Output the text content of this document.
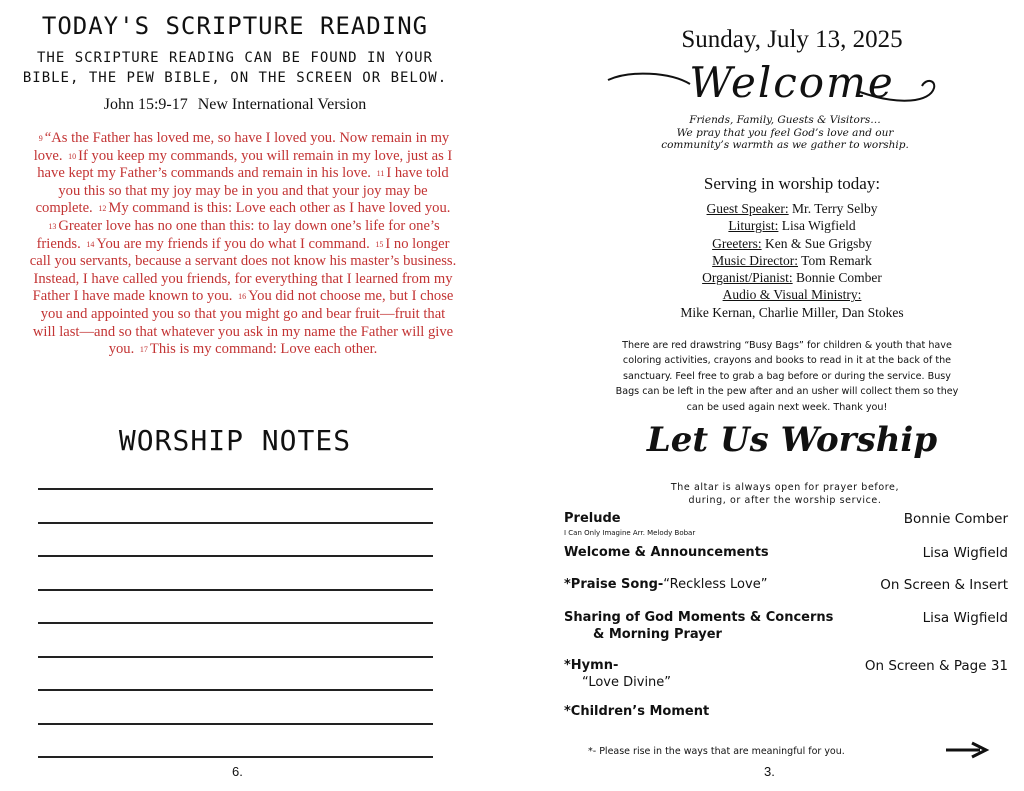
TODAY'S SCRIPTURE READING
THE SCRIPTURE READING CAN BE FOUND IN YOUR
BIBLE, THE PEW BIBLE, ON THE SCREEN OR BELOW.
John 15:9-17 New International Version
9 “As the Father has loved me, so have I loved you. Now remain in my love. 10 If you keep my commands, you will remain in my love, just as I have kept my Father’s commands and remain in his love. 11 I have told you this so that my joy may be in you and that your joy may be complete. 12 My command is this: Love each other as I have loved you. 13 Greater love has no one than this: to lay down one’s life for one’s friends. 14 You are my friends if you do what I command. 15 I no longer call you servants, because a servant does not know his master’s business. Instead, I have called you friends, for everything that I learned from my Father I have made known to you. 16 You did not choose me, but I chose you and appointed you so that you might go and bear fruit—fruit that will last—and so that whatever you ask in my name the Father will give you. 17 This is my command: Love each other.
WORSHIP NOTES
6.
Sunday, July 13, 2025
Welcome
Friends, Family, Guests & Visitors…
We pray that you feel God’s love and our community’s warmth as we gather to worship.
Serving in worship today:
Guest Speaker: Mr. Terry Selby
Liturgist: Lisa Wigfield
Greeters: Ken & Sue Grigsby
Music Director: Tom Remark
Organist/Pianist: Bonnie Comber
Audio & Visual Ministry:
Mike Kernan, Charlie Miller, Dan Stokes
There are red drawstring “Busy Bags” for children & youth that have coloring activities, crayons and books to read in it at the back of the sanctuary. Feel free to grab a bag before or during the service. Busy Bags can be left in the pew after and an usher will collect them so they can be used again next week. Thank you!
Let Us Worship
The altar is always open for prayer before,
during, or after the worship service.
Prelude	Bonnie Comber
I Can Only Imagine Arr. Melody Bobar
Welcome & Announcements	Lisa Wigfield
*Praise Song-“Reckless Love”	On Screen & Insert
Sharing of God Moments & Concerns	Lisa Wigfield
& Morning Prayer
*Hymn-	On Screen & Page 31
“Love Divine”
*Children’s Moment
*- Please rise in the ways that are meaningful for you.
3.
